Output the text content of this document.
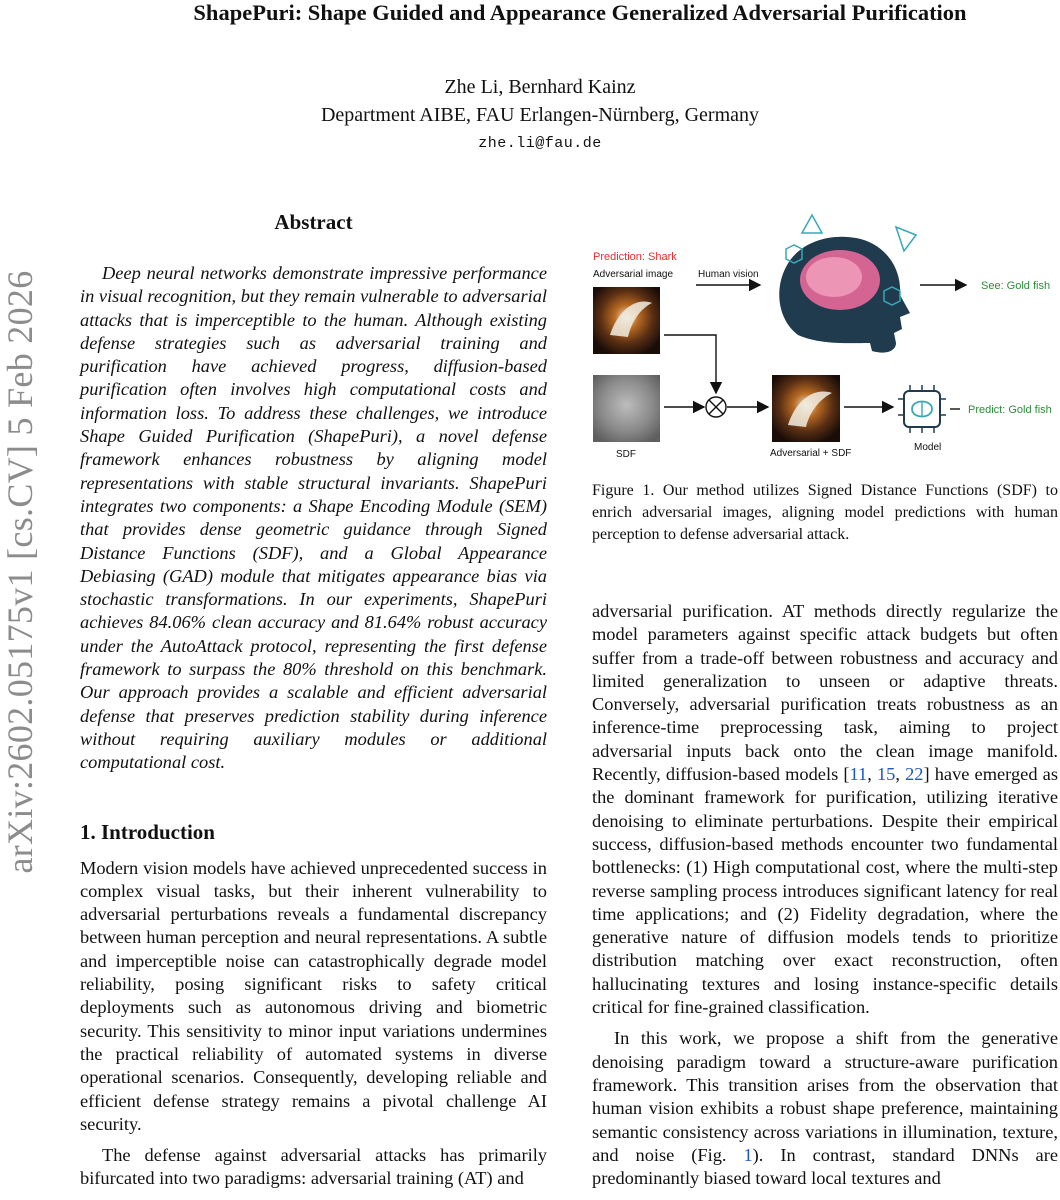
ShapePuri: Shape Guided and Appearance Generalized Adversarial Purification
Zhe Li, Bernhard Kainz
Department AIBE, FAU Erlangen-Nürnberg, Germany
zhe.li@fau.de
arXiv:2602.05175v1 [cs.CV] 5 Feb 2026
Abstract

Deep neural networks demonstrate impressive performance in visual recognition, but they remain vulnerable to adversarial attacks that is imperceptible to the human. Although existing defense strategies such as adversarial training and purification have achieved progress, diffusion-based purification often involves high computational costs and information loss. To address these challenges, we introduce Shape Guided Purification (ShapePuri), a novel defense framework enhances robustness by aligning model representations with stable structural invariants. ShapePuri integrates two components: a Shape Encoding Module (SEM) that provides dense geometric guidance through Signed Distance Functions (SDF), and a Global Appearance Debiasing (GAD) module that mitigates appearance bias via stochastic transformations. In our experiments, ShapePuri achieves 84.06% clean accuracy and 81.64% robust accuracy under the AutoAttack protocol, representing the first defense framework to surpass the 80% threshold on this benchmark. Our approach provides a scalable and efficient adversarial defense that preserves prediction stability during inference without requiring auxiliary modules or additional computational cost.

1. Introduction

Modern vision models have achieved unprecedented success in complex visual tasks, but their inherent vulnerability to adversarial perturbations reveals a fundamental discrepancy between human perception and neural representations. A subtle and imperceptible noise can catastrophically degrade model reliability, posing significant risks to safety critical deployments such as autonomous driving and biometric security. This sensitivity to minor input variations undermines the practical reliability of automated systems in diverse operational scenarios. Consequently, developing reliable and efficient defense strategy remains a pivotal challenge AI security.

The defense against adversarial attacks has primarily bifurcated into two paradigms: adversarial training (AT) and

Prediction: Shark
Adversarial image Human vision
See: Gold fish
SDF	Adversarial + SDF
Model
Predict: Gold fish
Figure 1. Our method utilizes Signed Distance Functions (SDF) to enrich adversarial images, aligning model predictions with human perception to defense adversarial attack.

adversarial purification. AT methods directly regularize the model parameters against specific attack budgets but often suffer from a trade-off between robustness and accuracy and limited generalization to unseen or adaptive threats. Conversely, adversarial purification treats robustness as an inference-time preprocessing task, aiming to project adversarial inputs back onto the clean image manifold. Recently, diffusion-based models [11, 15, 22] have emerged as the dominant framework for purification, utilizing iterative denoising to eliminate perturbations. Despite their empirical success, diffusion-based methods encounter two fundamental bottlenecks: (1) High computational cost, where the multi-step reverse sampling process introduces significant latency for real time applications; and (2) Fidelity degradation, where the generative nature of diffusion models tends to prioritize distribution matching over exact reconstruction, often hallucinating textures and losing instance-specific details critical for fine-grained classification.

In this work, we propose a shift from the generative denoising paradigm toward a structure-aware purification framework. This transition arises from the observation that human vision exhibits a robust shape preference, maintaining semantic consistency across variations in illumination, texture, and noise (Fig. 1). In contrast, standard DNNs are predominantly biased toward local textures and
